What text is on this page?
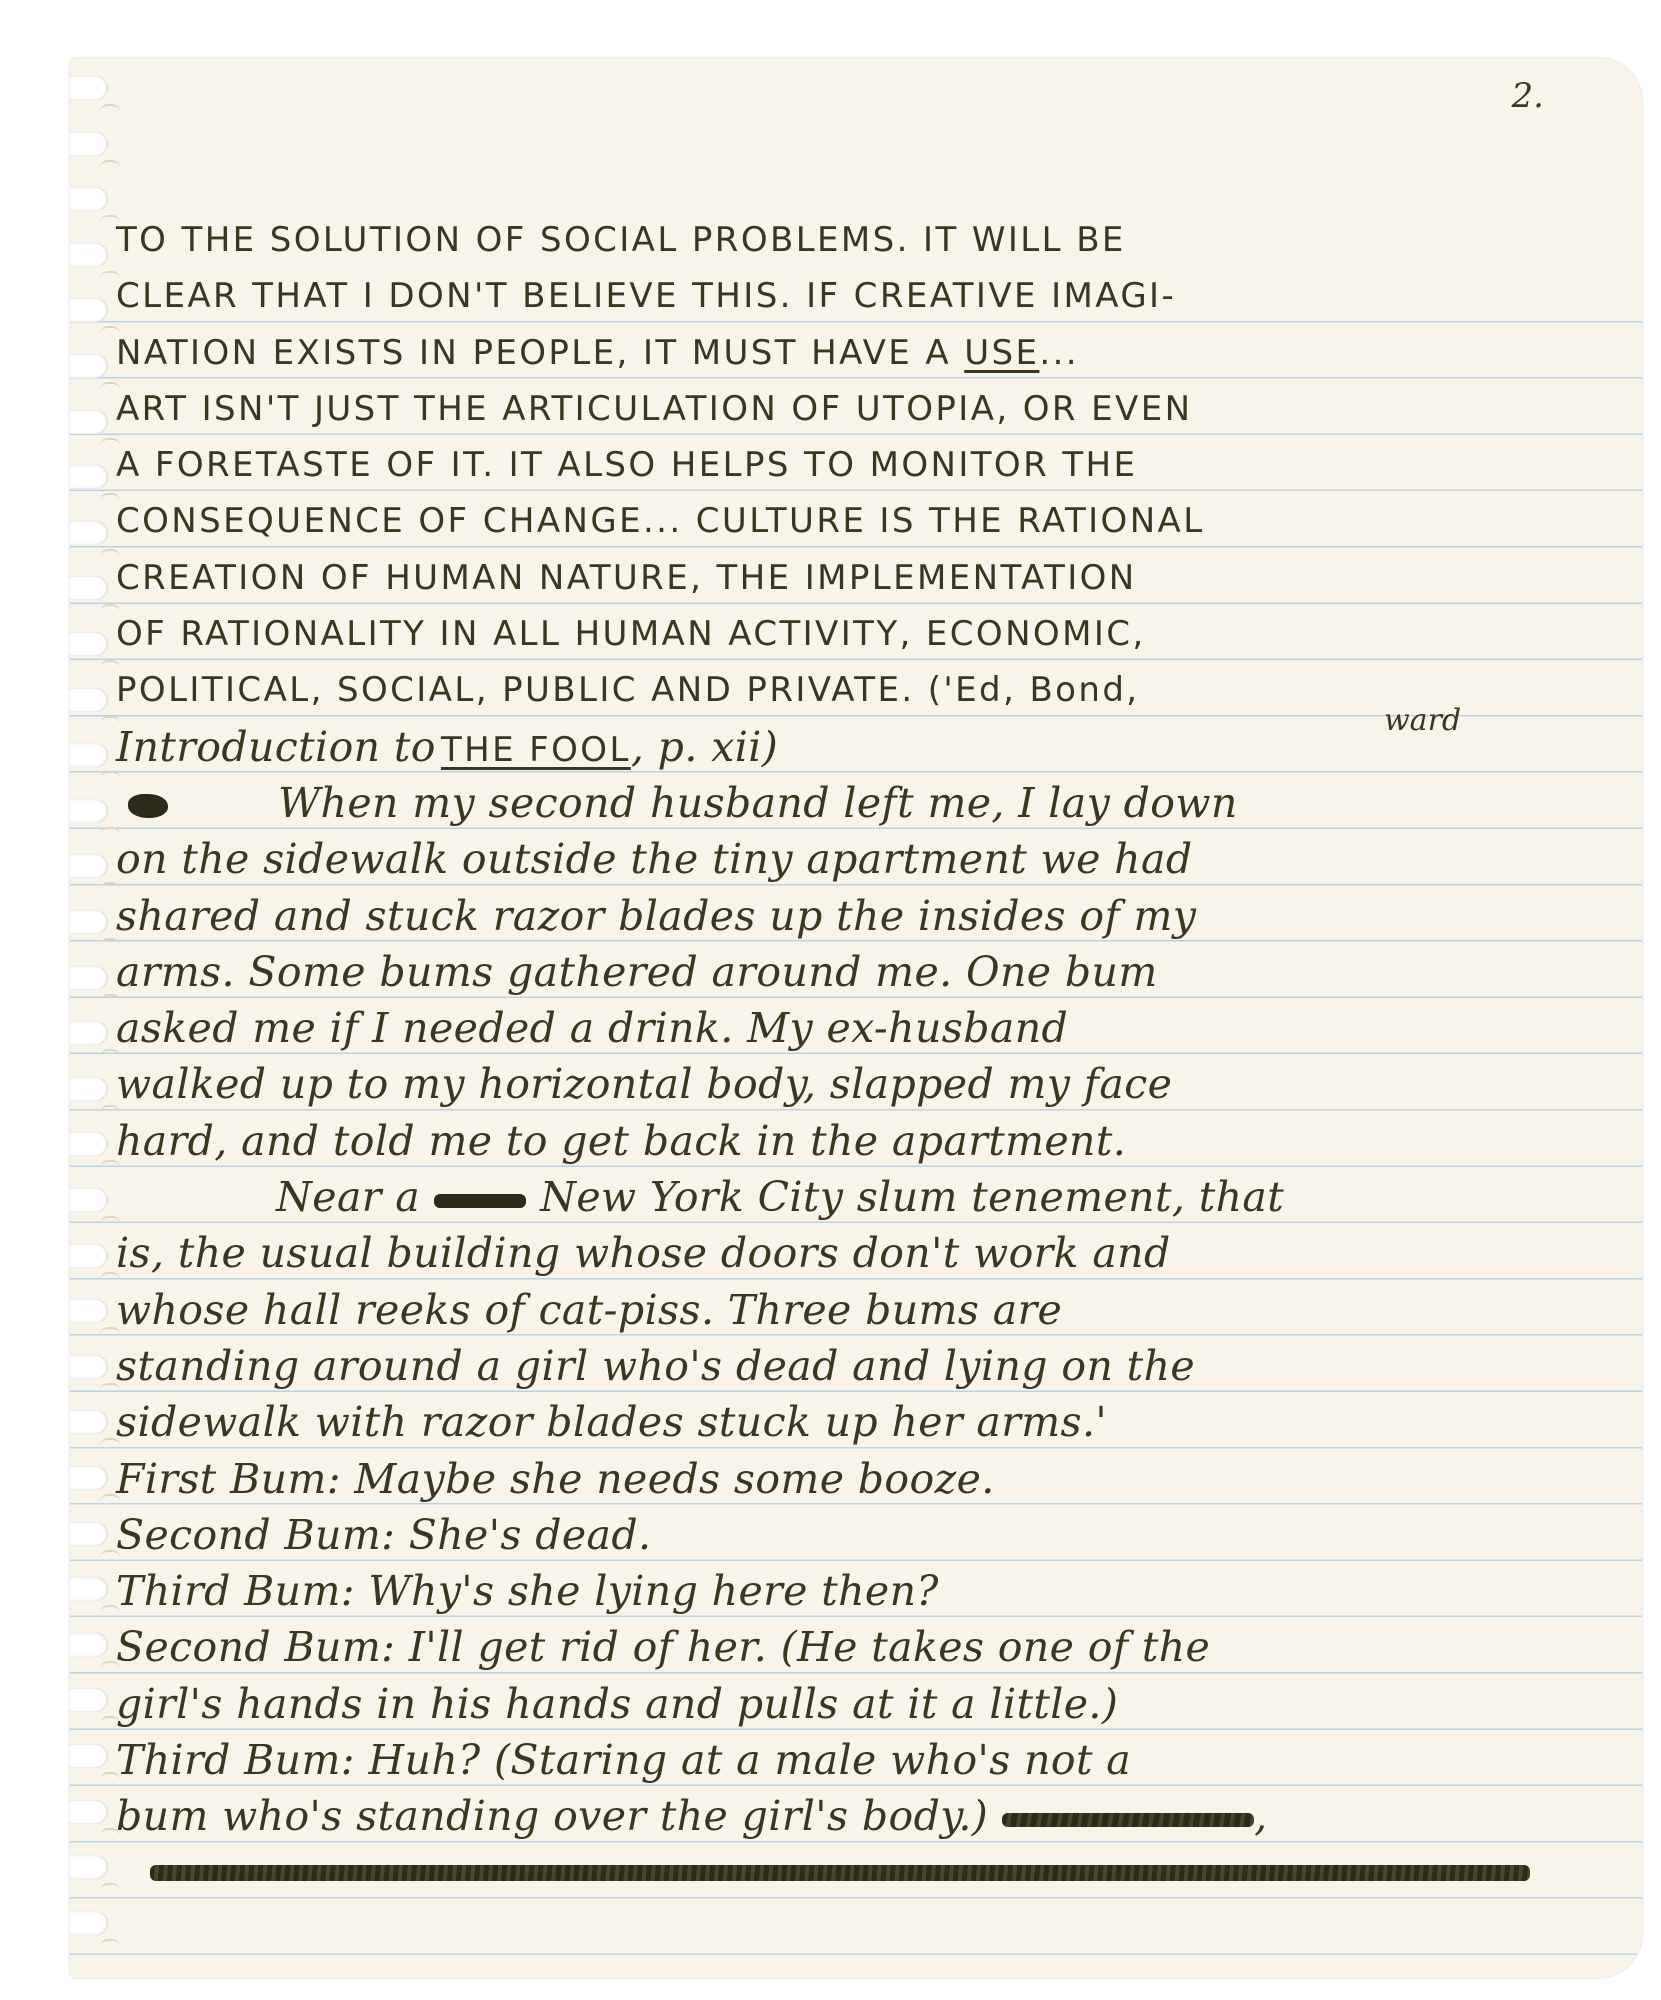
2.
TO THE SOLUTION OF SOCIAL PROBLEMS. IT WILL BE
CLEAR THAT I DON'T BELIEVE THIS. IF CREATIVE IMAGI-
NATION EXISTS IN PEOPLE, IT MUST HAVE A USE...
ART ISN'T JUST THE ARTICULATION OF UTOPIA, OR EVEN
A FORETASTE OF IT. IT ALSO HELPS TO MONITOR THE
CONSEQUENCE OF CHANGE... CULTURE IS THE RATIONAL
CREATION OF HUMAN NATURE, THE IMPLEMENTATION
OF RATIONALITY IN ALL HUMAN ACTIVITY, ECONOMIC,
POLITICAL, SOCIAL, PUBLIC AND PRIVATE. ('Ed, Bond,
ward
Introduction to THE FOOL, p. xii)
When my second husband left me, I lay down
on the sidewalk outside the tiny apartment we had
shared and stuck razor blades up the insides of my
arms. Some bums gathered around me. One bum
asked me if I needed a drink. My ex-husband
walked up to my horizontal body, slapped my face
hard, and told me to get back in the apartment.
Near a	New York City slum tenement, that
is, the usual building whose doors don't work and
whose hall reeks of cat-piss. Three bums are
standing around a girl who's dead and lying on the
sidewalk with razor blades stuck up her arms.'
First Bum: Maybe she needs some booze.
Second Bum: She's dead.
Third Bum: Why's she lying here then?
Second Bum: I'll get rid of her. (He takes one of the
girl's hands in his hands and pulls at it a little.)
Third Bum: Huh? (Staring at a male who's not a
bum who's standing over the girl's body.)	,
